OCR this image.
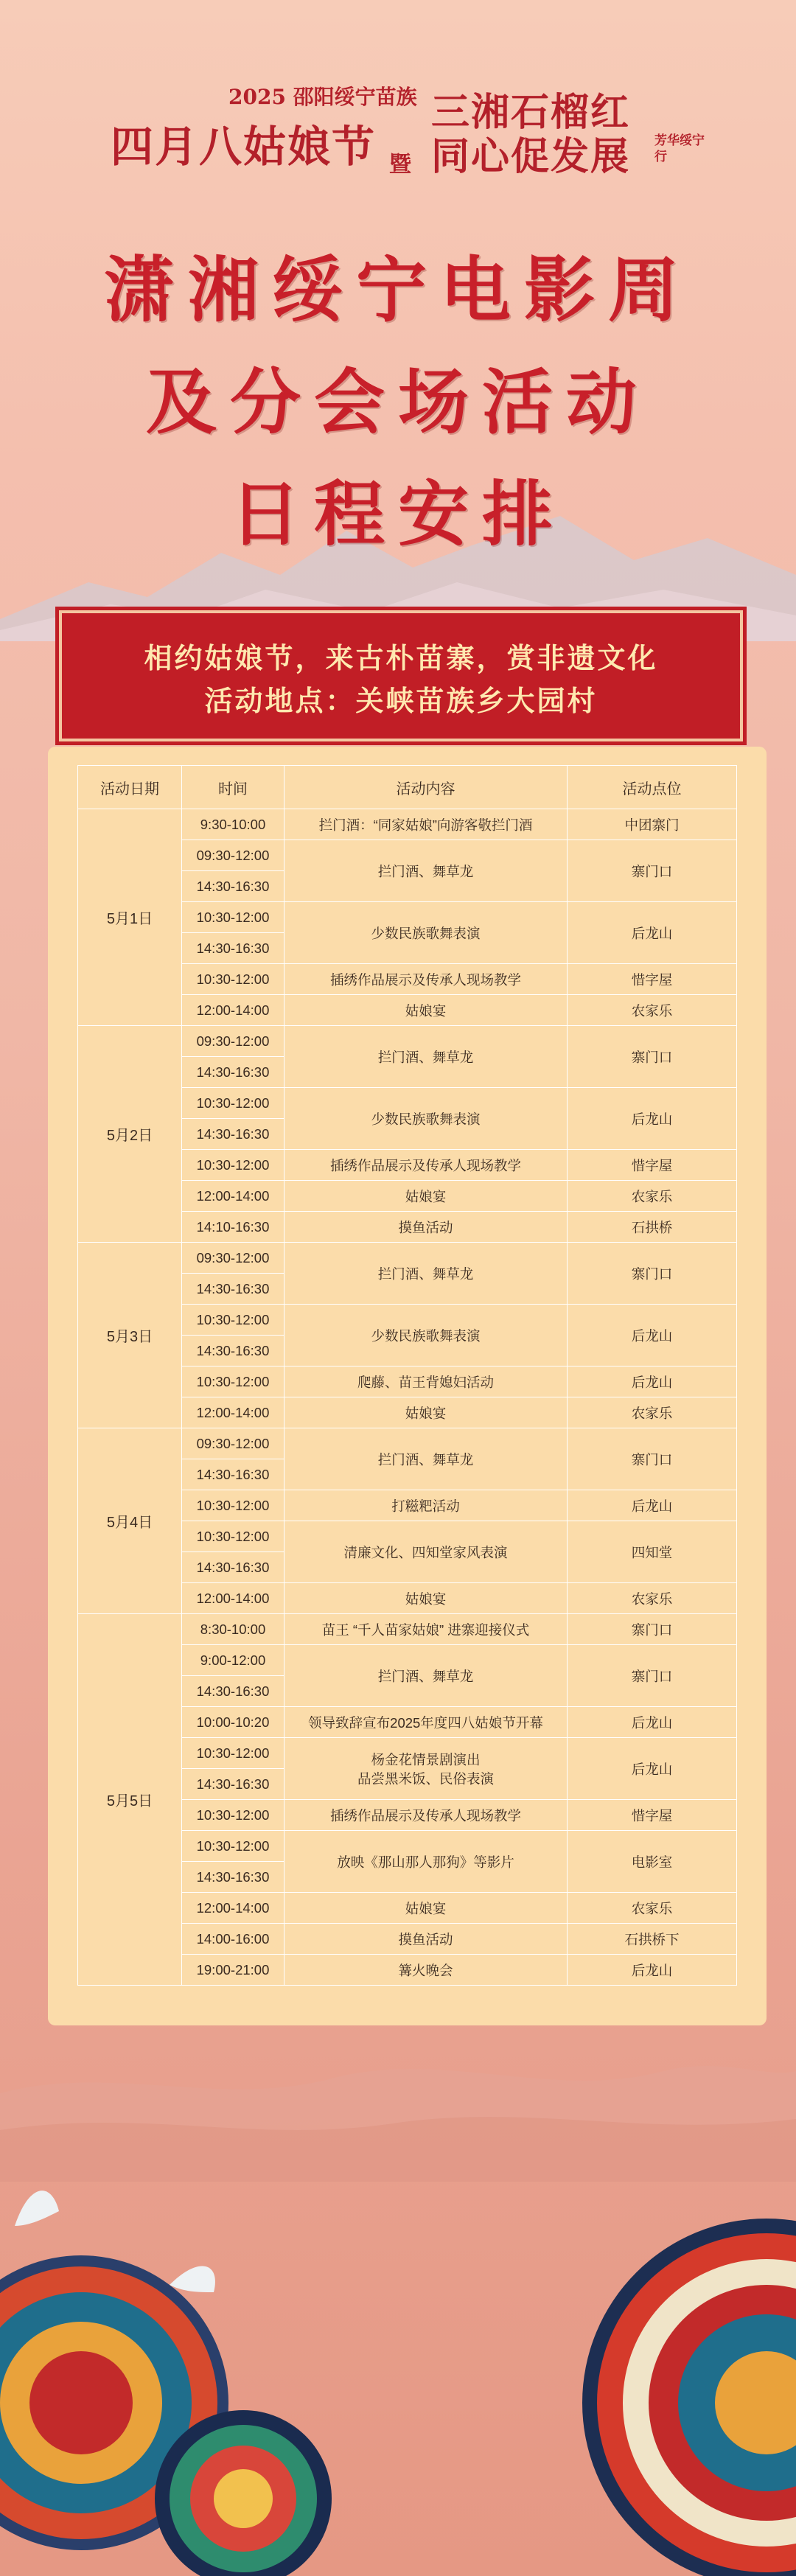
2025 邵阳绥宁苗族
四月八姑娘节 暨
三湘石榴红
同心促发展 芳华绥宁行
潇湘绥宁电影周
及分会场活动
日程安排
相约姑娘节，来古朴苗寨，赏非遗文化
活动地点：关峡苗族乡大园村
活动日期	时间	活动内容	活动点位
5月1日	9:30-10:00	拦门酒：“同家姑娘”向游客敬拦门酒	中团寨门
	09:30-12:00	拦门酒、舞草龙	寨门口
	14:30-16:30		
	10:30-12:00	少数民族歌舞表演	后龙山
	14:30-16:30		
	10:30-12:00	插绣作品展示及传承人现场教学	惜字屋
	12:00-14:00	姑娘宴	农家乐
5月2日	09:30-12:00	拦门酒、舞草龙	寨门口
	14:30-16:30		
	10:30-12:00	少数民族歌舞表演	后龙山
	14:30-16:30		
	10:30-12:00	插绣作品展示及传承人现场教学	惜字屋
	12:00-14:00	姑娘宴	农家乐
	14:10-16:30	摸鱼活动	石拱桥
5月3日	09:30-12:00	拦门酒、舞草龙	寨门口
	14:30-16:30		
	10:30-12:00	少数民族歌舞表演	后龙山
	14:30-16:30		
	10:30-12:00	爬藤、苗王背媳妇活动	后龙山
	12:00-14:00	姑娘宴	农家乐
5月4日	09:30-12:00	拦门酒、舞草龙	寨门口
	14:30-16:30		
	10:30-12:00	打糍粑活动	后龙山
	10:30-12:00	清廉文化、四知堂家风表演	四知堂
	14:30-16:30		
	12:00-14:00	姑娘宴	农家乐
5月5日	8:30-10:00	苗王 “千人苗家姑娘” 进寨迎接仪式	寨门口
	9:00-12:00	拦门酒、舞草龙	寨门口
	14:30-16:30		
	10:00-10:20	领导致辞宣布2025年度四八姑娘节开幕	后龙山
	10:30-12:00	杨金花情景剧演出
品尝黑米饭、民俗表演	后龙山
	14:30-16:30		
	10:30-12:00	插绣作品展示及传承人现场教学	惜字屋
	10:30-12:00	放映《那山那人那狗》等影片	电影室
	14:30-16:30		
	12:00-14:00	姑娘宴	农家乐
	14:00-16:00	摸鱼活动	石拱桥下
	19:00-21:00	篝火晚会	后龙山
